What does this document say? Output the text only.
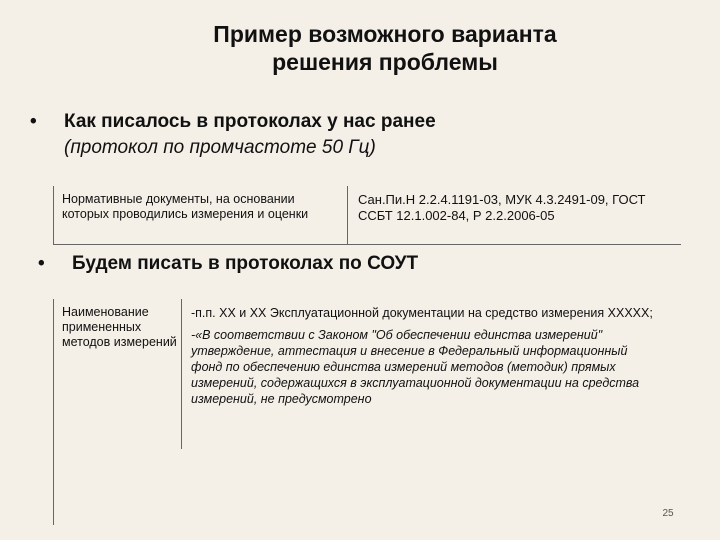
Пример возможного варианта
решения проблемы
• Как писалось в протоколах у нас ранее
(протокол по промчастоте 50 Гц)
Нормативные документы, на основании которых проводились измерения и оценки
Сан.Пи.Н 2.2.4.1191-03, МУК 4.3.2491-09, ГОСТ ССБТ 12.1.002-84, Р 2.2.2006-05
• Будем писать в протоколах по СОУТ
Наименование примененных методов измерений

-п.п. ХХ и ХХ Эксплуатационной документации на средство измерения ХХХХХ;

-«В соответствии с Законом "Об обеспечении единства измерений" утверждение, аттестация и внесение в Федеральный информационный фонд по обеспечению единства измерений методов (методик) прямых измерений, содержащихся в эксплуатационной документации на средства измерений, не предусмотрено

25
